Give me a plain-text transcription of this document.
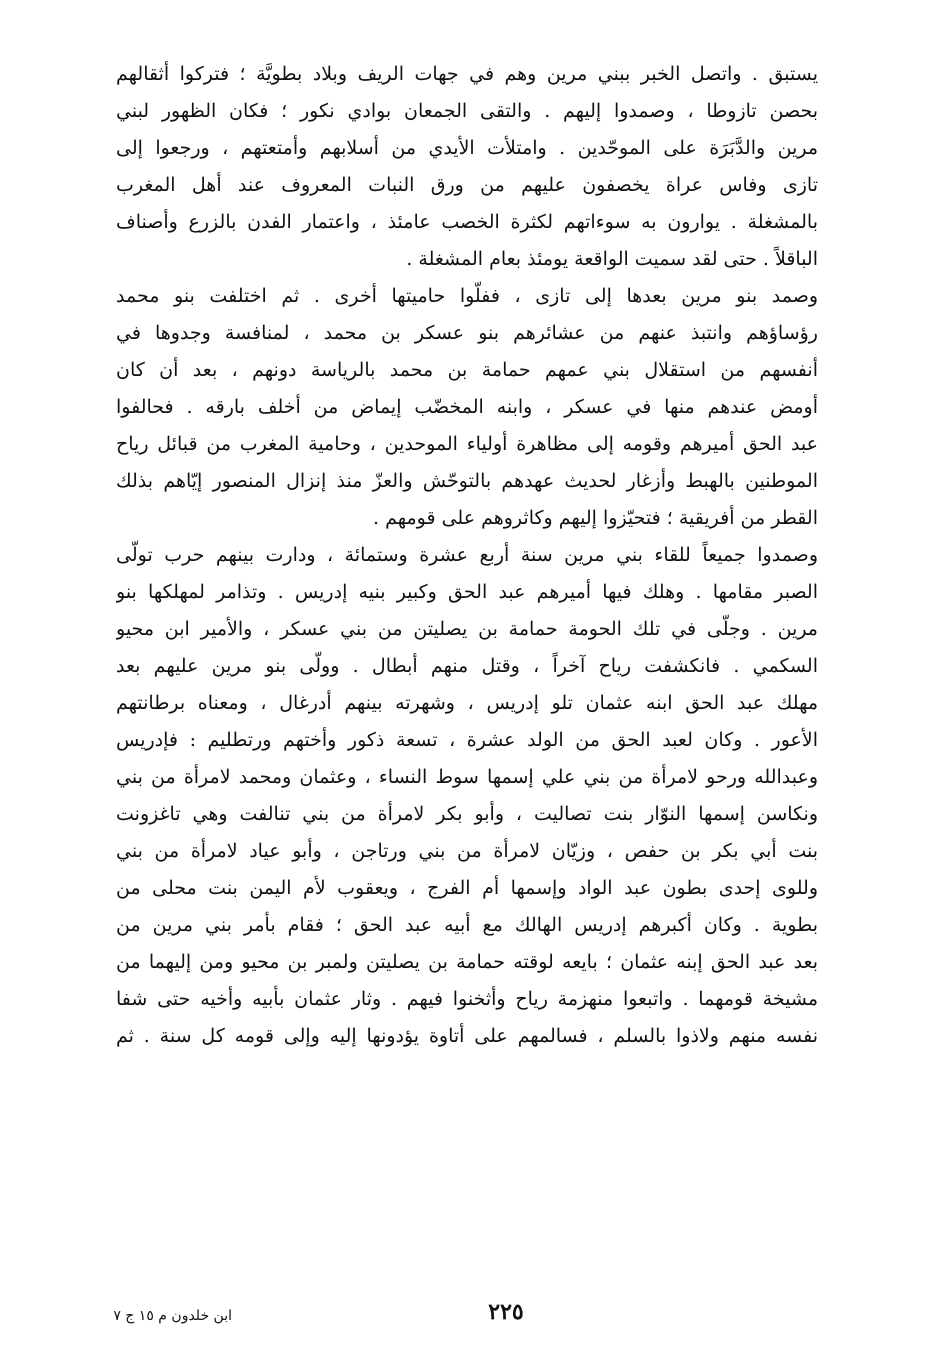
يستبق . واتصل الخبر ببني مرين وهم في جهات الريف وبلاد بطويَّة ؛ فتركوا أثقالهم
بحصن تازوطا ، وصمدوا إليهم . والتقى الجمعان بوادي نكور ؛ فكان الظهور لبني
مرين والدَّبَرَة على الموحّدين . وامتلأت الأيدي من أسلابهم وأمتعتهم ، ورجعوا إلى
تازى وفاس عراة يخصفون عليهم من ورق النبات المعروف عند أهل المغرب
بالمشغلة . يوارون به سوءاتهم لكثرة الخصب عامئذ ، واعتمار الفدن بالزرع وأصناف
الباقلاً . حتى لقد سميت الواقعة يومئذ بعام المشغلة .
وصمد بنو مرين بعدها إلى تازى ، ففلّوا حاميتها أخرى . ثم اختلفت بنو محمد
رؤساؤهم وانتبذ عنهم من عشائرهم بنو عسكر بن محمد ، لمنافسة وجدوها في
أنفسهم من استقلال بني عمهم حمامة بن محمد بالرياسة دونهم ، بعد أن كان
أومض عندهم منها في عسكر ، وابنه المخضّب إيماض من أخلف بارقه . فحالفوا
عبد الحق أميرهم وقومه إلى مظاهرة أولياء الموحدين ، وحامية المغرب من قبائل رياح
الموطنين بالهبط وأزغار لحديث عهدهم بالتوحّش والعزّ منذ إنزال المنصور إيّاهم بذلك
القطر من أفريقية ؛ فتحيّزوا إليهم وكاثروهم على قومهم .
وصمدوا جميعاً للقاء بني مرين سنة أربع عشرة وستمائة ، ودارت بينهم حرب تولّى
الصبر مقامها . وهلك فيها أميرهم عبد الحق وكبير بنيه إدريس . وتذامر لمهلكها بنو
مرين . وجلّى في تلك الحومة حمامة بن يصليتن من بني عسكر ، والأمير ابن محيو
السكمي . فانكشفت رياح آخراً ، وقتل منهم أبطال . وولّى بنو مرين عليهم بعد
مهلك عبد الحق ابنه عثمان تلو إدريس ، وشهرته بينهم أدرغال ، ومعناه برطانتهم
الأعور . وكان لعبد الحق من الولد عشرة ، تسعة ذكور وأختهم ورتطليم : فإدريس
وعبدالله ورحو لامرأة من بني علي إسمها سوط النساء ، وعثمان ومحمد لامرأة من بني
ونكاسن إسمها النوّار بنت تصاليت ، وأبو بكر لامرأة من بني تنالفت وهي تاغزونت
بنت أبي بكر بن حفص ، وزيّان لامرأة من بني ورتاجن ، وأبو عياد لامرأة من بني
وللوى إحدى بطون عبد الواد وإسمها أم الفرج ، ويعقوب لأم اليمن بنت محلى من
بطوية . وكان أكبرهم إدريس الهالك مع أبيه عبد الحق ؛ فقام بأمر بني مرين من
بعد عبد الحق إبنه عثمان ؛ بايعه لوقته حمامة بن يصليتن ولمبر بن محيو ومن إليهما من
مشيخة قومهما . واتبعوا منهزمة رياح وأثخنوا فيهم . وثار عثمان بأبيه وأخيه حتى شفا
نفسه منهم ولاذوا بالسلم ، فسالمهم على أتاوة يؤدونها إليه وإلى قومه كل سنة . ثم
٢٢٥
ابن خلدون م ١٥ ج ٧
